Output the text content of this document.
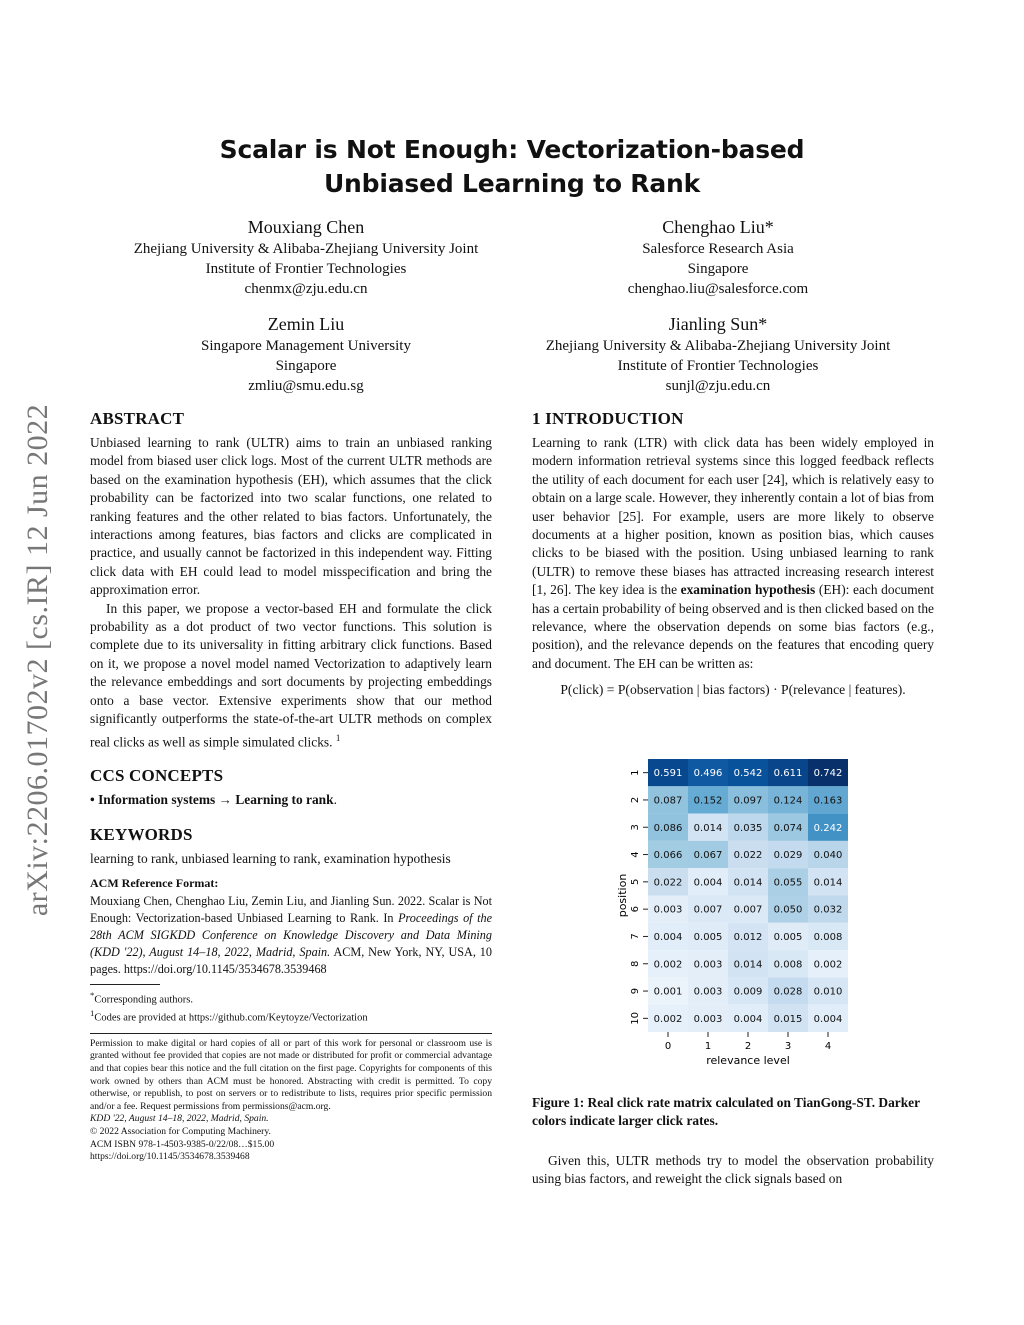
arXiv:2206.01702v2 [cs.IR] 12 Jun 2022
Scalar is Not Enough: Vectorization-based
Unbiased Learning to Rank
Mouxiang Chen
Zhejiang University & Alibaba-Zhejiang University Joint
Institute of Frontier Technologies
chenmx@zju.edu.cn
Chenghao Liu*
Salesforce Research Asia
Singapore
chenghao.liu@salesforce.com
Zemin Liu
Singapore Management University
Singapore
zmliu@smu.edu.sg
Jianling Sun*
Zhejiang University & Alibaba-Zhejiang University Joint
Institute of Frontier Technologies
sunjl@zju.edu.cn
ABSTRACT

Unbiased learning to rank (ULTR) aims to train an unbiased ranking model from biased user click logs. Most of the current ULTR methods are based on the examination hypothesis (EH), which assumes that the click probability can be factorized into two scalar functions, one related to ranking features and the other related to bias factors. Unfortunately, the interactions among features, bias factors and clicks are complicated in practice, and usually cannot be factorized in this independent way. Fitting click data with EH could lead to model misspecification and bring the approximation error.

In this paper, we propose a vector-based EH and formulate the click probability as a dot product of two vector functions. This solution is complete due to its universality in fitting arbitrary click functions. Based on it, we propose a novel model named Vectorization to adaptively learn the relevance embeddings and sort documents by projecting embeddings onto a base vector. Extensive experiments show that our method significantly outperforms the state-of-the-art ULTR methods on complex real clicks as well as simple simulated clicks. $^1$

CCS CONCEPTS

• Information systems → Learning to rank.

KEYWORDS

learning to rank, unbiased learning to rank, examination hypothesis

ACM Reference Format:

Mouxiang Chen, Chenghao Liu, Zemin Liu, and Jianling Sun. 2022. Scalar is Not Enough: Vectorization-based Unbiased Learning to Rank. In Proceedings of the 28th ACM SIGKDD Conference on Knowledge Discovery and Data Mining (KDD '22), August 14–18, 2022, Madrid, Spain. ACM, New York, NY, USA, 10 pages. https://doi.org/10.1145/3534678.3539468

*Corresponding authors.
$^1$Codes are provided at https://github.com/Keytoyze/Vectorization
Permission to make digital or hard copies of all or part of this work for personal or classroom use is granted without fee provided that copies are not made or distributed for profit or commercial advantage and that copies bear this notice and the full citation on the first page. Copyrights for components of this work owned by others than ACM must be honored. Abstracting with credit is permitted. To copy otherwise, or republish, to post on servers or to redistribute to lists, requires prior specific permission and/or a fee. Request permissions from permissions@acm.org.
KDD '22, August 14–18, 2022, Madrid, Spain.
© 2022 Association for Computing Machinery.
ACM ISBN 978-1-4503-9385-0/22/08…$15.00
https://doi.org/10.1145/3534678.3539468
1 INTRODUCTION

Learning to rank (LTR) with click data has been widely employed in modern information retrieval systems since this logged feedback reflects the utility of each document for each user [24], which is relatively easy to obtain on a large scale. However, they inherently contain a lot of bias from user behavior [25]. For example, users are more likely to observe documents at a higher position, known as position bias, which causes clicks to be biased with the position. Using unbiased learning to rank (ULTR) to remove these biases has attracted increasing research interest [1, 26]. The key idea is the examination hypothesis (EH): each document has a certain probability of being observed and is then clicked based on the relevance, where the observation depends on some bias factors (e.g., position), and the relevance depends on the features that encoding query and document. The EH can be written as:

P(click) = P(observation | bias factors) · P(relevance | features).
0.591 0.496 0.542 0.611 0.742
0.087 0.152 0.097 0.124 0.163
0.086 0.014 0.035 0.074 0.242
0.066 0.067 0.022 0.029 0.040
0.022 0.004 0.014 0.055 0.014
0.003 0.007 0.007 0.050 0.032
0.004 0.005 0.012 0.005 0.008
0.002 0.003 0.014 0.008 0.002
0.001 0.003 0.009 0.028 0.010
0.002 0.003 0.004 0.015 0.004
1
2
3
4
5
6
7
8
9
10
0	1	2	3	4
position
relevance level
Figure 1: Real click rate matrix calculated on TianGong-ST. Darker colors indicate larger click rates.

Given this, ULTR methods try to model the observation probability using bias factors, and reweight the click signals based on
